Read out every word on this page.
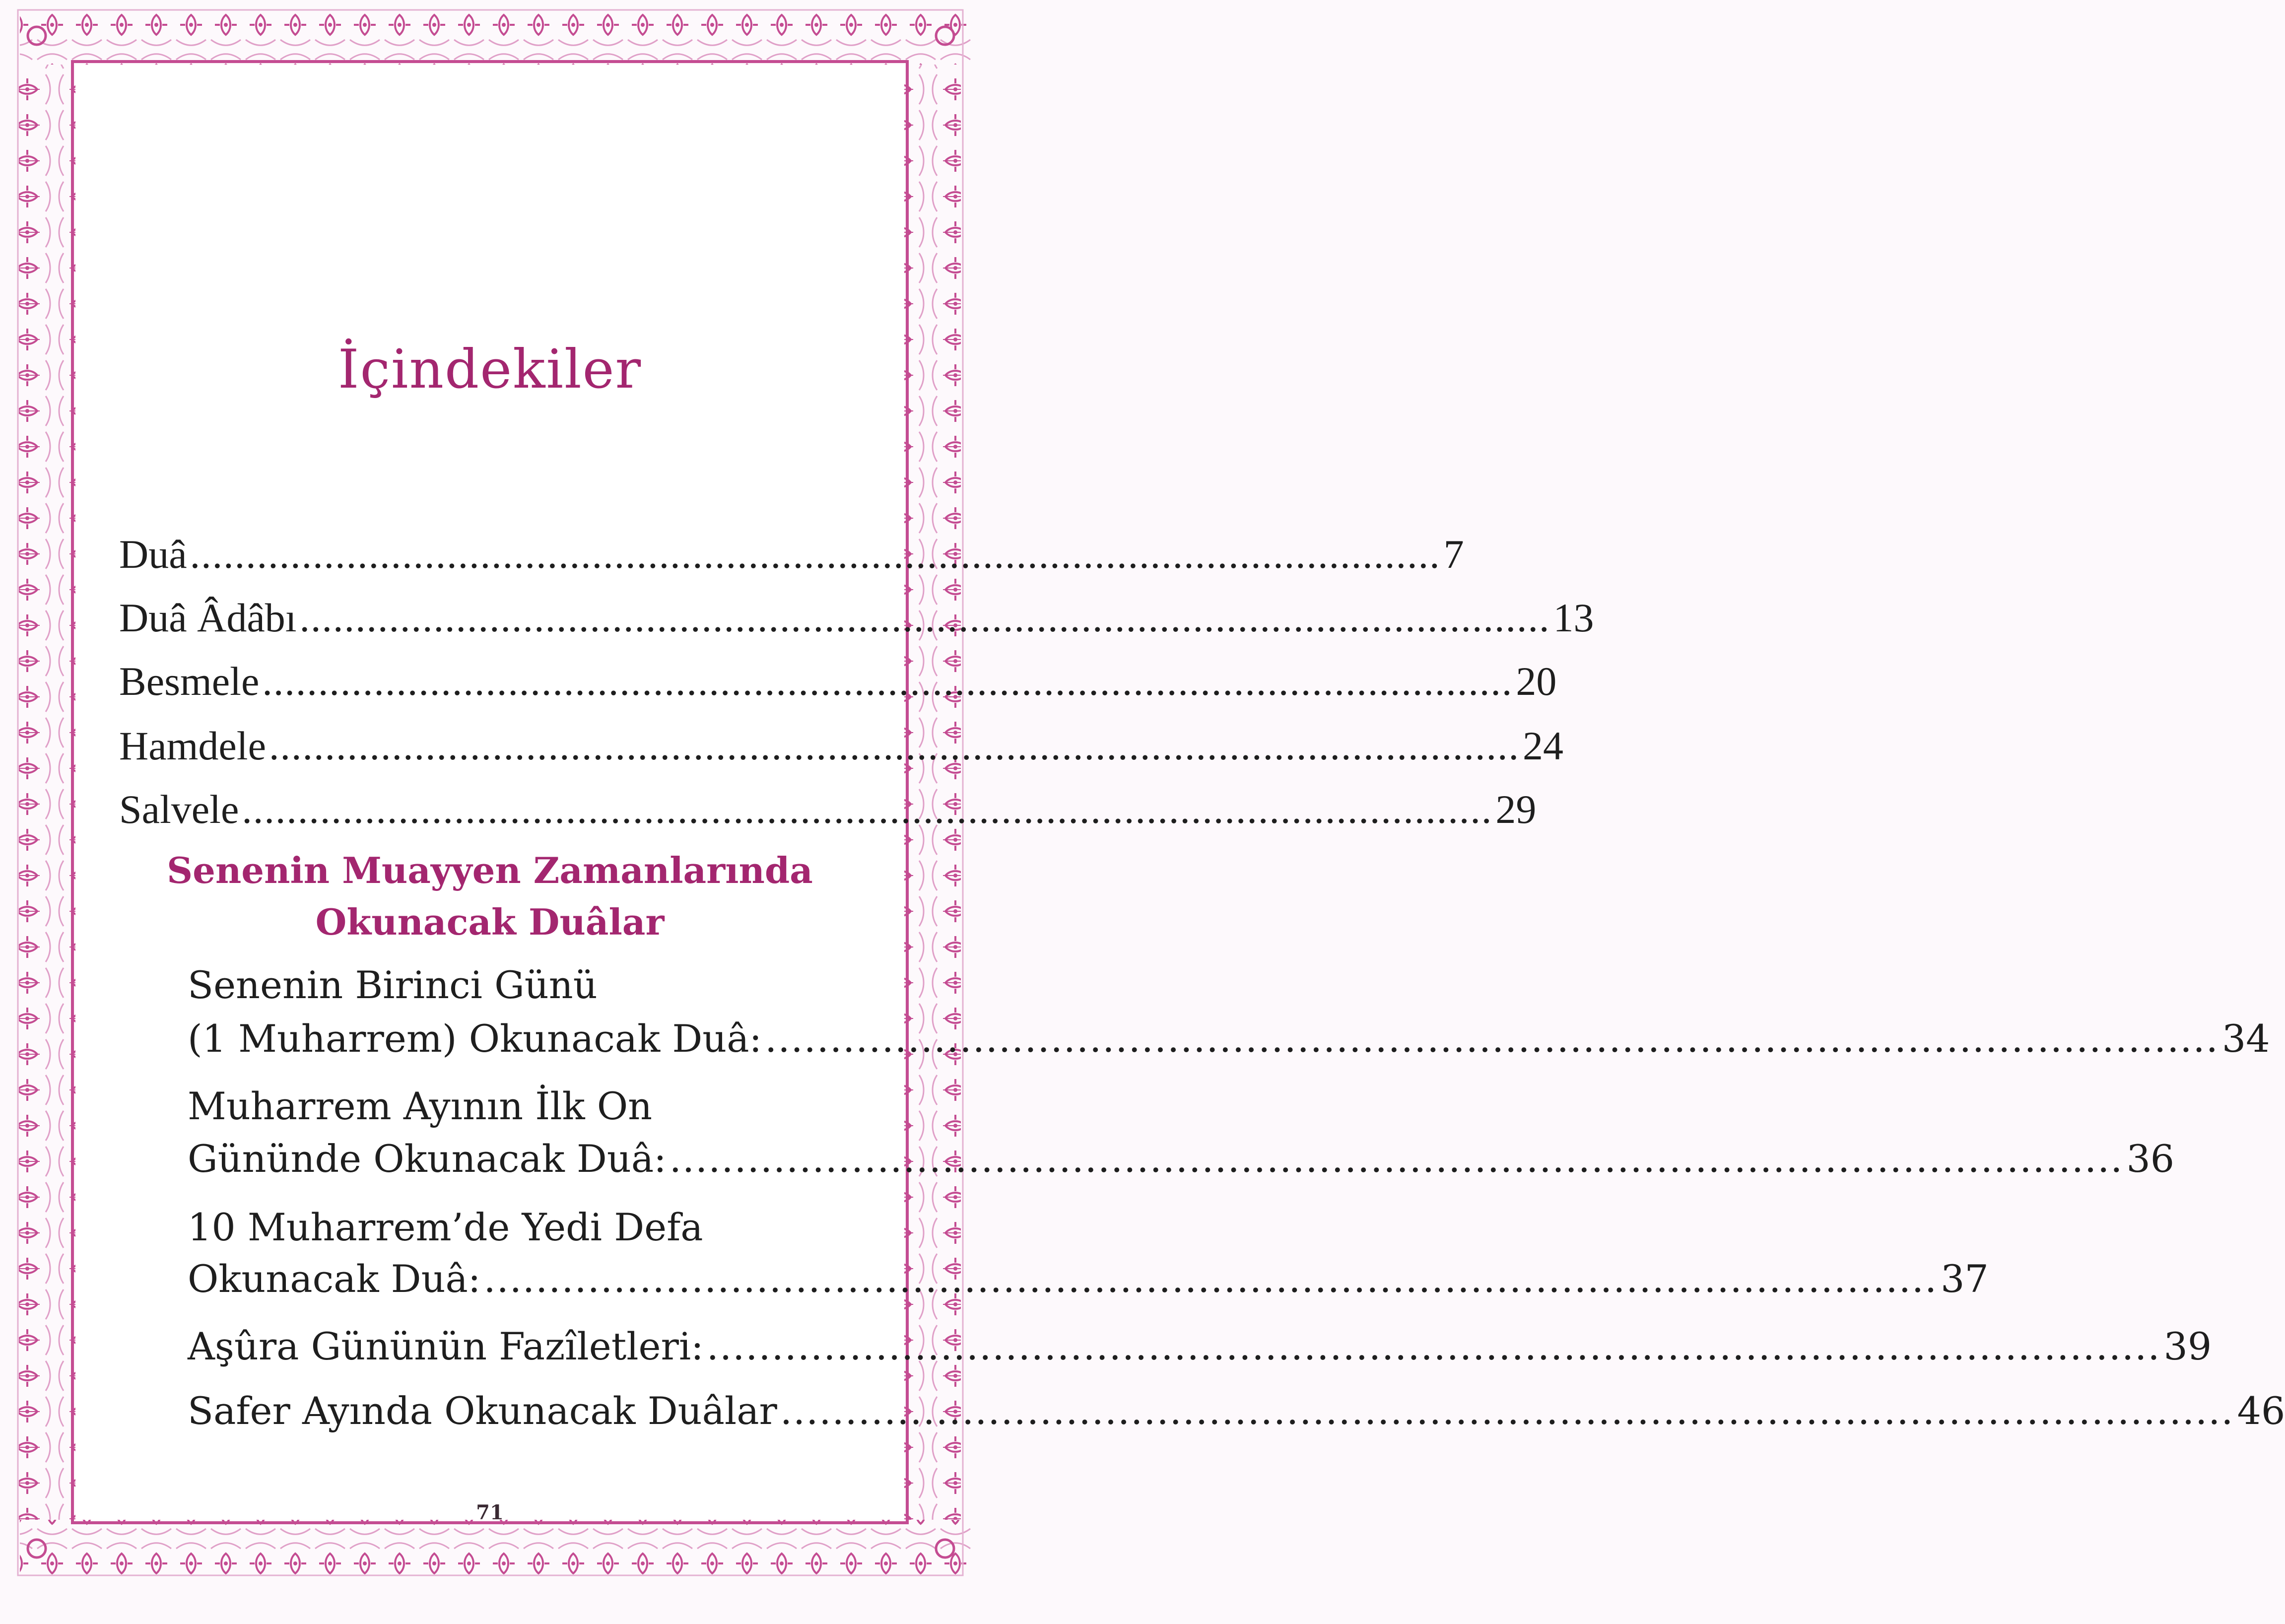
İçindekiler
Duâ ................................................................................................................ 7
Duâ Âdâbı ................................................................................................................ 13
Besmele ................................................................................................................ 20
Hamdele ................................................................................................................ 24
Salvele ................................................................................................................ 29
Senenin Muayyen Zamanlarında
Okunacak Duâlar
Senenin Birinci Günü
(1 Muharrem) Okunacak Duâ: ................................................................................................................ 34
Muharrem Ayının İlk On
Gününde Okunacak Duâ: ................................................................................................................ 36
10 Muharrem’de Yedi Defa
Okunacak Duâ: ................................................................................................................ 37
Aşûra Gününün Fazîletleri: ................................................................................................................ 39
Safer Ayında Okunacak Duâlar ................................................................................................................ 46
71
